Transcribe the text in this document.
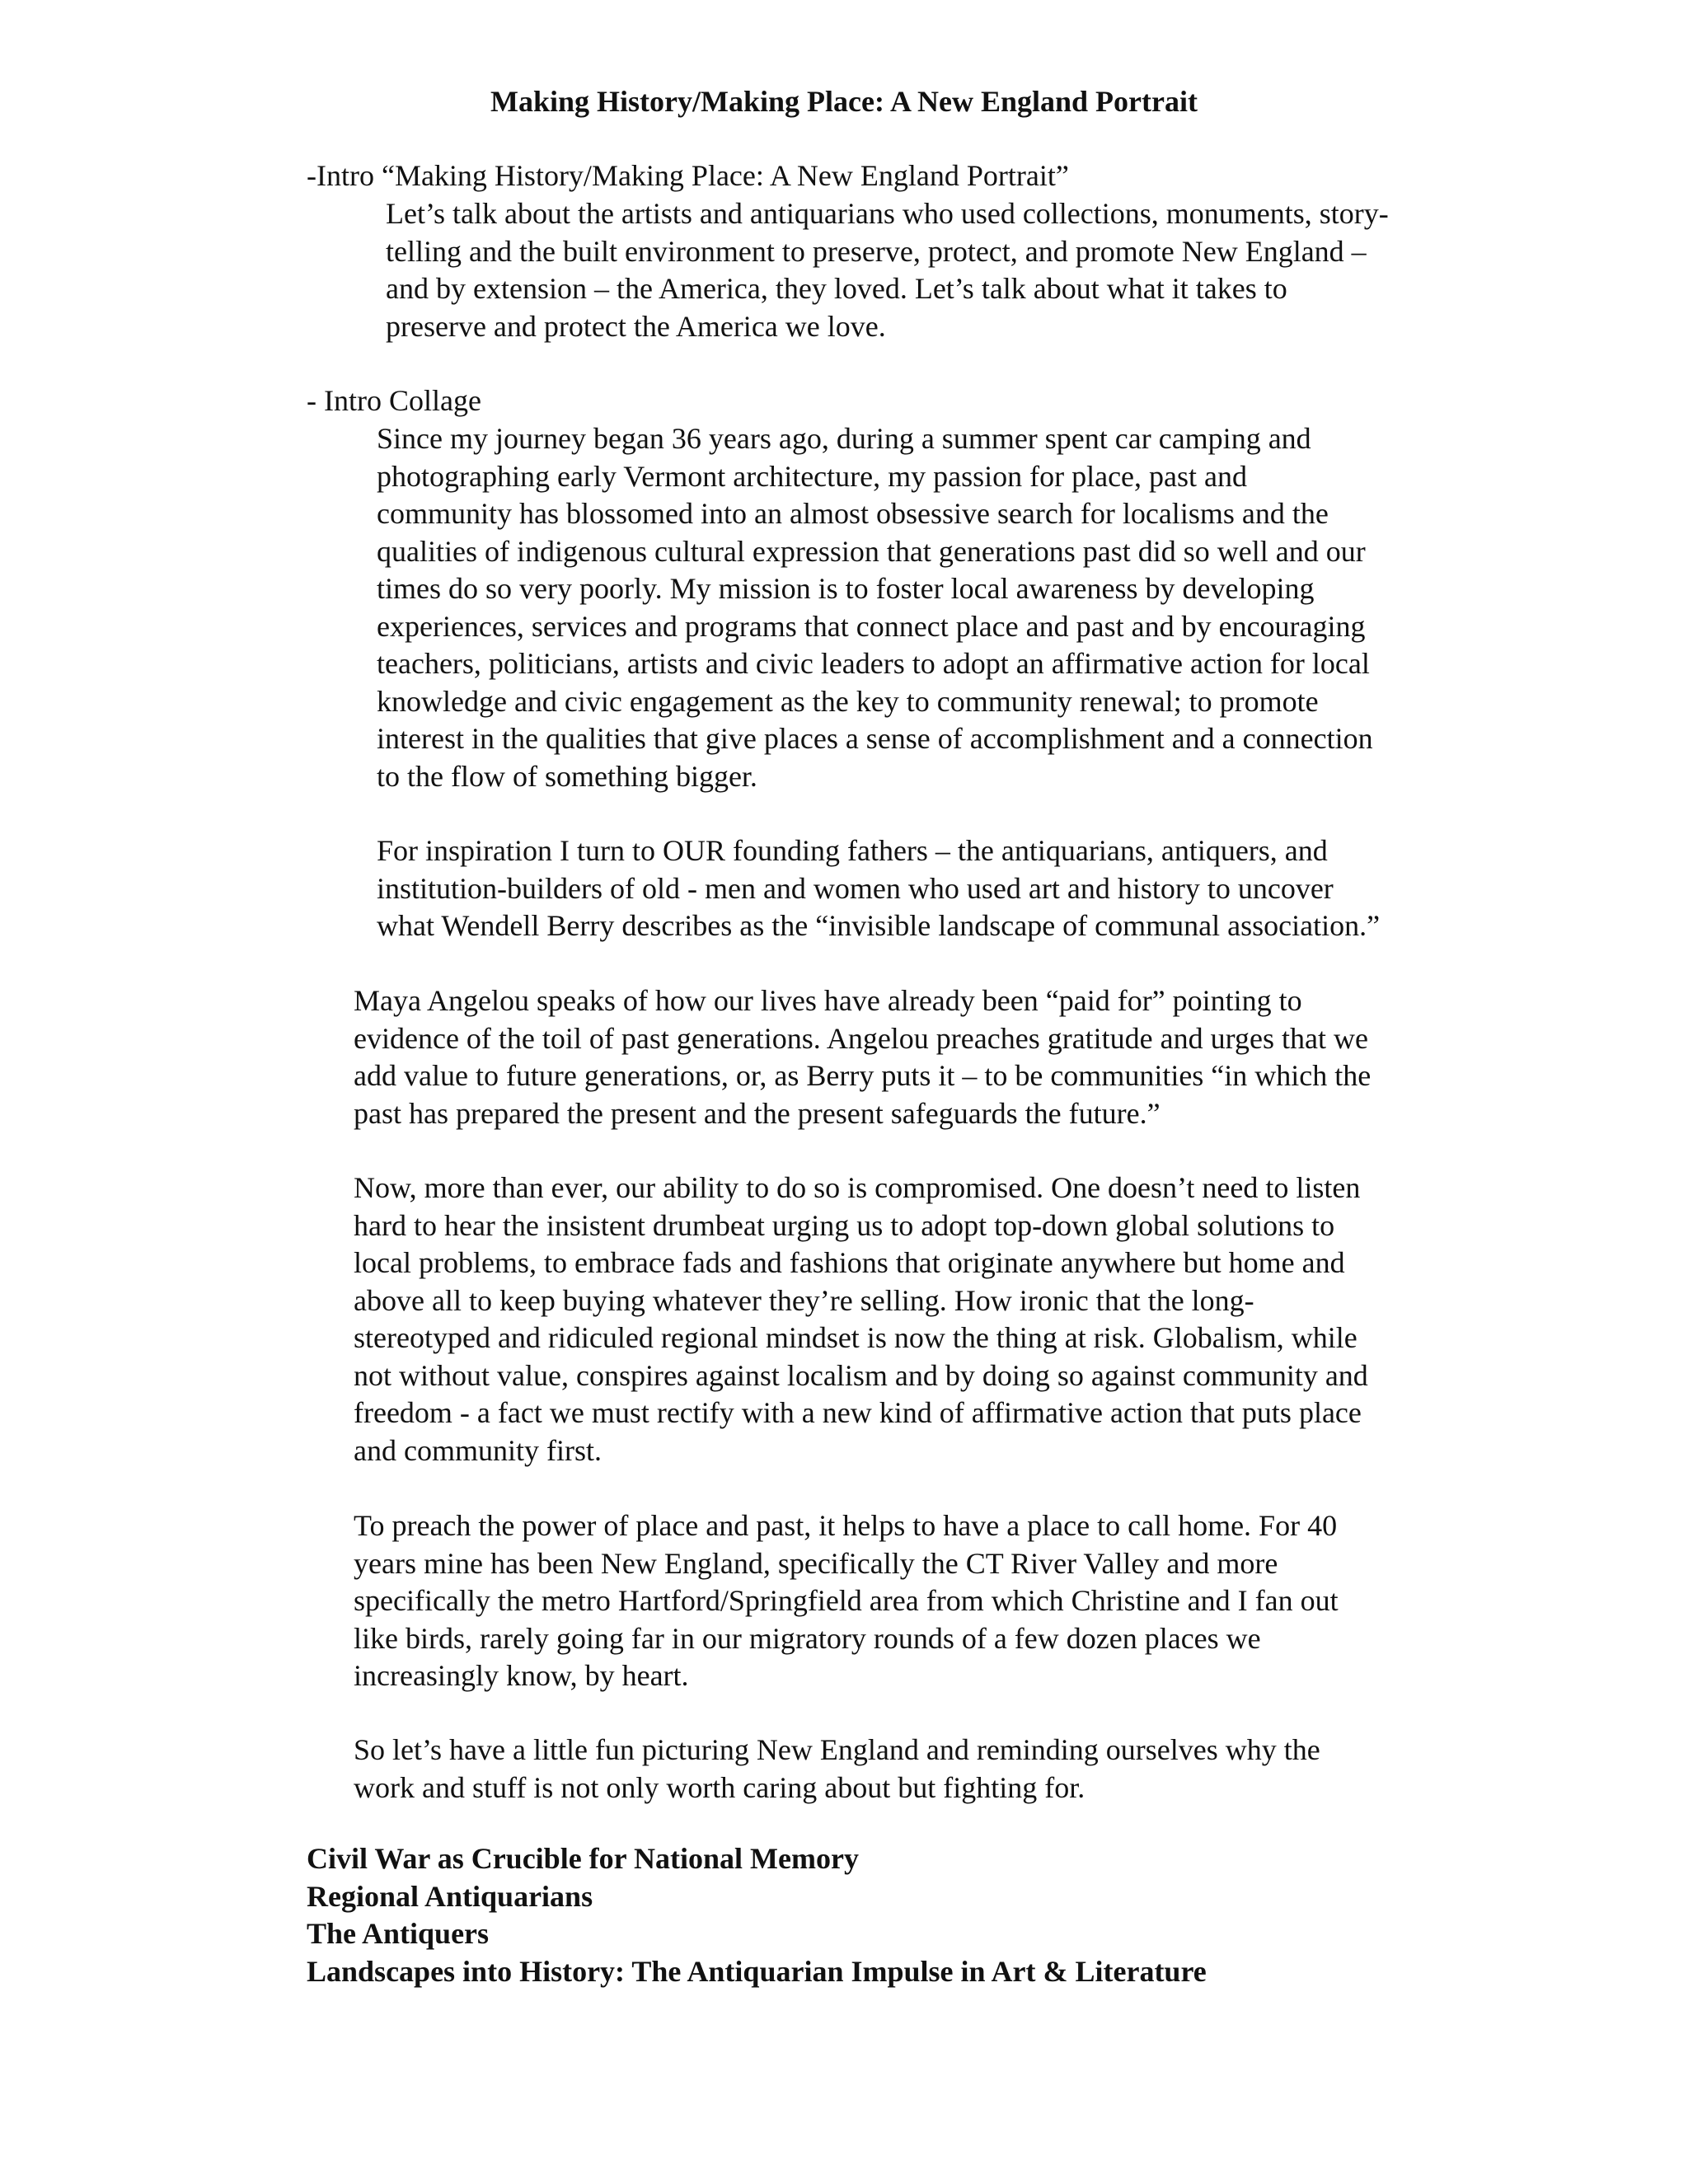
Making History/Making Place: A New England Portrait

-Intro “Making History/Making Place: A New England Portrait”

Let’s talk about the artists and antiquarians who used collections, monuments, story-
telling and the built environment to preserve, protect, and promote New England –
and by extension – the America, they loved. Let’s talk about what it takes to
preserve and protect the America we love.

- Intro Collage

Since my journey began 36 years ago, during a summer spent car camping and
photographing early Vermont architecture, my passion for place, past and
community has blossomed into an almost obsessive search for localisms and the
qualities of indigenous cultural expression that generations past did so well and our
times do so very poorly. My mission is to foster local awareness by developing
experiences, services and programs that connect place and past and by encouraging
teachers, politicians, artists and civic leaders to adopt an affirmative action for local
knowledge and civic engagement as the key to community renewal; to promote
interest in the qualities that give places a sense of accomplishment and a connection
to the flow of something bigger.

For inspiration I turn to OUR founding fathers – the antiquarians, antiquers, and
institution-builders of old - men and women who used art and history to uncover
what Wendell Berry describes as the “invisible landscape of communal association.”

Maya Angelou speaks of how our lives have already been “paid for” pointing to
evidence of the toil of past generations. Angelou preaches gratitude and urges that we
add value to future generations, or, as Berry puts it – to be communities “in which the
past has prepared the present and the present safeguards the future.”

Now, more than ever, our ability to do so is compromised. One doesn’t need to listen
hard to hear the insistent drumbeat urging us to adopt top-down global solutions to
local problems, to embrace fads and fashions that originate anywhere but home and
above all to keep buying whatever they’re selling. How ironic that the long-
stereotyped and ridiculed regional mindset is now the thing at risk. Globalism, while
not without value, conspires against localism and by doing so against community and
freedom - a fact we must rectify with a new kind of affirmative action that puts place
and community first.

To preach the power of place and past, it helps to have a place to call home. For 40
years mine has been New England, specifically the CT River Valley and more
specifically the metro Hartford/Springfield area from which Christine and I fan out
like birds, rarely going far in our migratory rounds of a few dozen places we
increasingly know, by heart.

So let’s have a little fun picturing New England and reminding ourselves why the
work and stuff is not only worth caring about but fighting for.

Civil War as Crucible for National Memory
Regional Antiquarians
The Antiquers
Landscapes into History: The Antiquarian Impulse in Art & Literature
